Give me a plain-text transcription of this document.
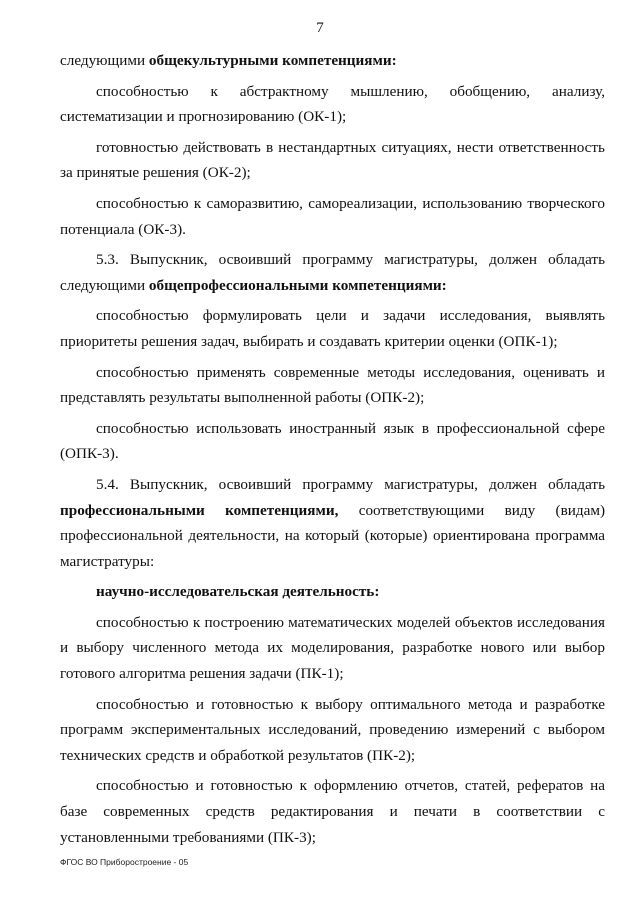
7

следующими общекультурными компетенциями:

способностью к абстрактному мышлению, обобщению, анализу, систематизации и прогнозированию (ОК-1);

готовностью действовать в нестандартных ситуациях, нести ответственность за принятые решения (ОК-2);

способностью к саморазвитию, самореализации, использованию творческого потенциала (ОК-3).

5.3. Выпускник, освоивший программу магистратуры, должен обладать следующими общепрофессиональными компетенциями:

способностью формулировать цели и задачи исследования, выявлять приоритеты решения задач, выбирать и создавать критерии оценки (ОПК-1);

способностью применять современные методы исследования, оценивать и представлять результаты выполненной работы (ОПК-2);

способностью использовать иностранный язык в профессиональной сфере (ОПК-3).

5.4. Выпускник, освоивший программу магистратуры, должен обладать профессиональными компетенциями, соответствующими виду (видам) профессиональной деятельности, на который (которые) ориентирована программа магистратуры:

научно-исследовательская деятельность:

способностью к построению математических моделей объектов исследования и выбору численного метода их моделирования, разработке нового или выбор готового алгоритма решения задачи (ПК-1);

способностью и готовностью к выбору оптимального метода и разработке программ экспериментальных исследований, проведению измерений с выбором технических средств и обработкой результатов (ПК-2);

способностью и готовностью к оформлению отчетов, статей, рефератов на базе современных средств редактирования и печати в соответствии с установленными требованиями (ПК-3);

ФГОС ВО Приборостроение - 05
